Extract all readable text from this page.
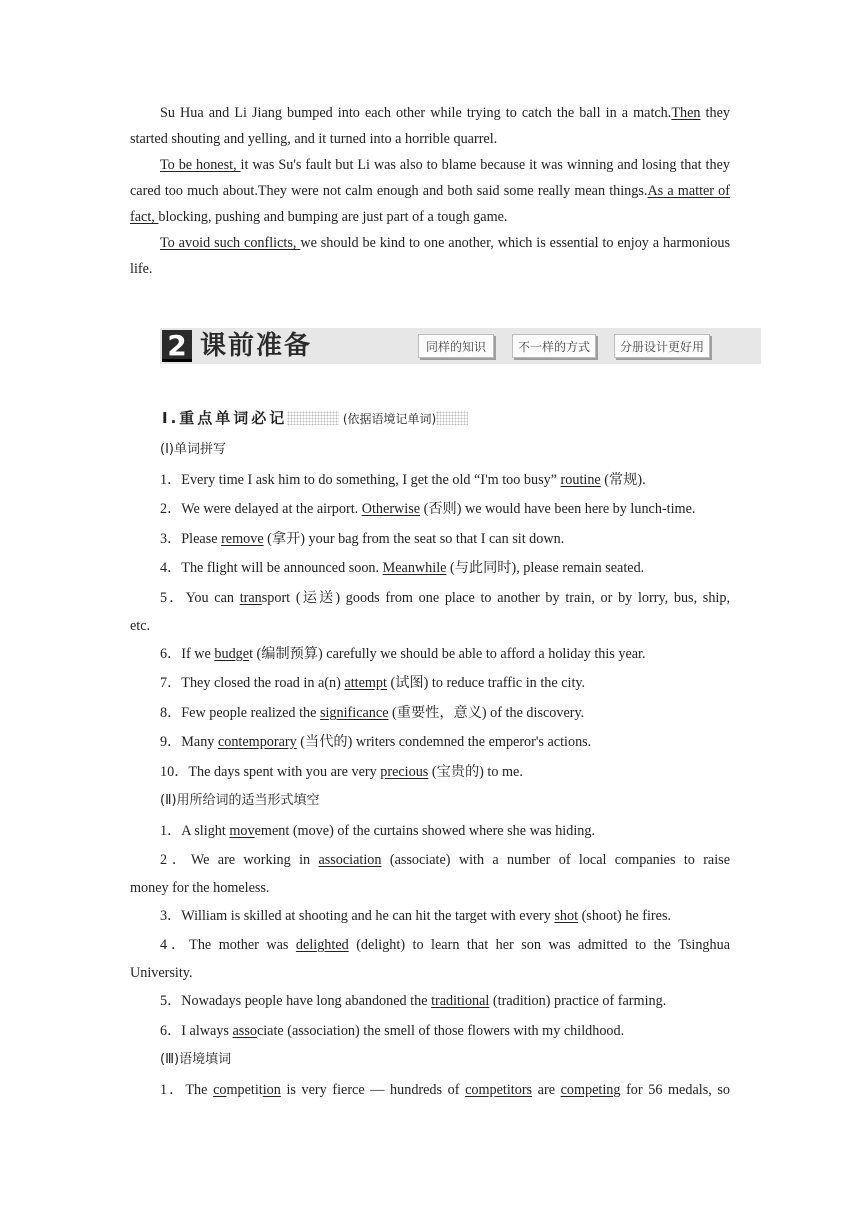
Su Hua and Li Jiang bumped into each other while trying to catch the ball in a match.Then they started shouting and yelling, and it turned into a horrible quarrel.

To be honest, it was Su's fault but Li was also to blame because it was winning and losing that they cared too much about.They were not calm enough and both said some really mean things.As a matter of fact, blocking, pushing and bumping are just part of a tough game.

To avoid such conflicts, we should be kind to one another, which is essential to enjoy a harmonious life.

2 课前准备	同样的知识	不一样的方式	分册设计更好用
Ⅰ.重点单词必记	(依据语境记单词)
(Ⅰ)单词拼写
1．Every time I ask him to do something, I get the old “I'm too busy” routine (常规).
2．We were delayed at the airport. Otherwise (否则) we would have been here by lunch-time.
3．Please remove (拿开) your bag from the seat so that I can sit down.
4．The flight will be announced soon. Meanwhile (与此同时), please remain seated.
5．You can transport (运送) goods from one place to another by train, or by lorry, bus, ship,
etc.
6．If we budget (编制预算) carefully we should be able to afford a holiday this year.
7．They closed the road in a(n) attempt (试图) to reduce traffic in the city.
8．Few people realized the significance (重要性，意义) of the discovery.
9．Many contemporary (当代的) writers condemned the emperor's actions.
10．The days spent with you are very precious (宝贵的) to me.
(Ⅱ)用所给词的适当形式填空
1．A slight movement (move) of the curtains showed where she was hiding.
2．We are working in association (associate) with a number of local companies to raise
money for the homeless.
3．William is skilled at shooting and he can hit the target with every shot (shoot) he fires.
4．The mother was delighted (delight) to learn that her son was admitted to the Tsinghua
University.
5．Nowadays people have long abandoned the traditional (tradition) practice of farming.
6．I always associate (association) the smell of those flowers with my childhood.
(Ⅲ)语境填词
1．The competition is very fierce — hundreds of competitors are competing for 56 medals, so
